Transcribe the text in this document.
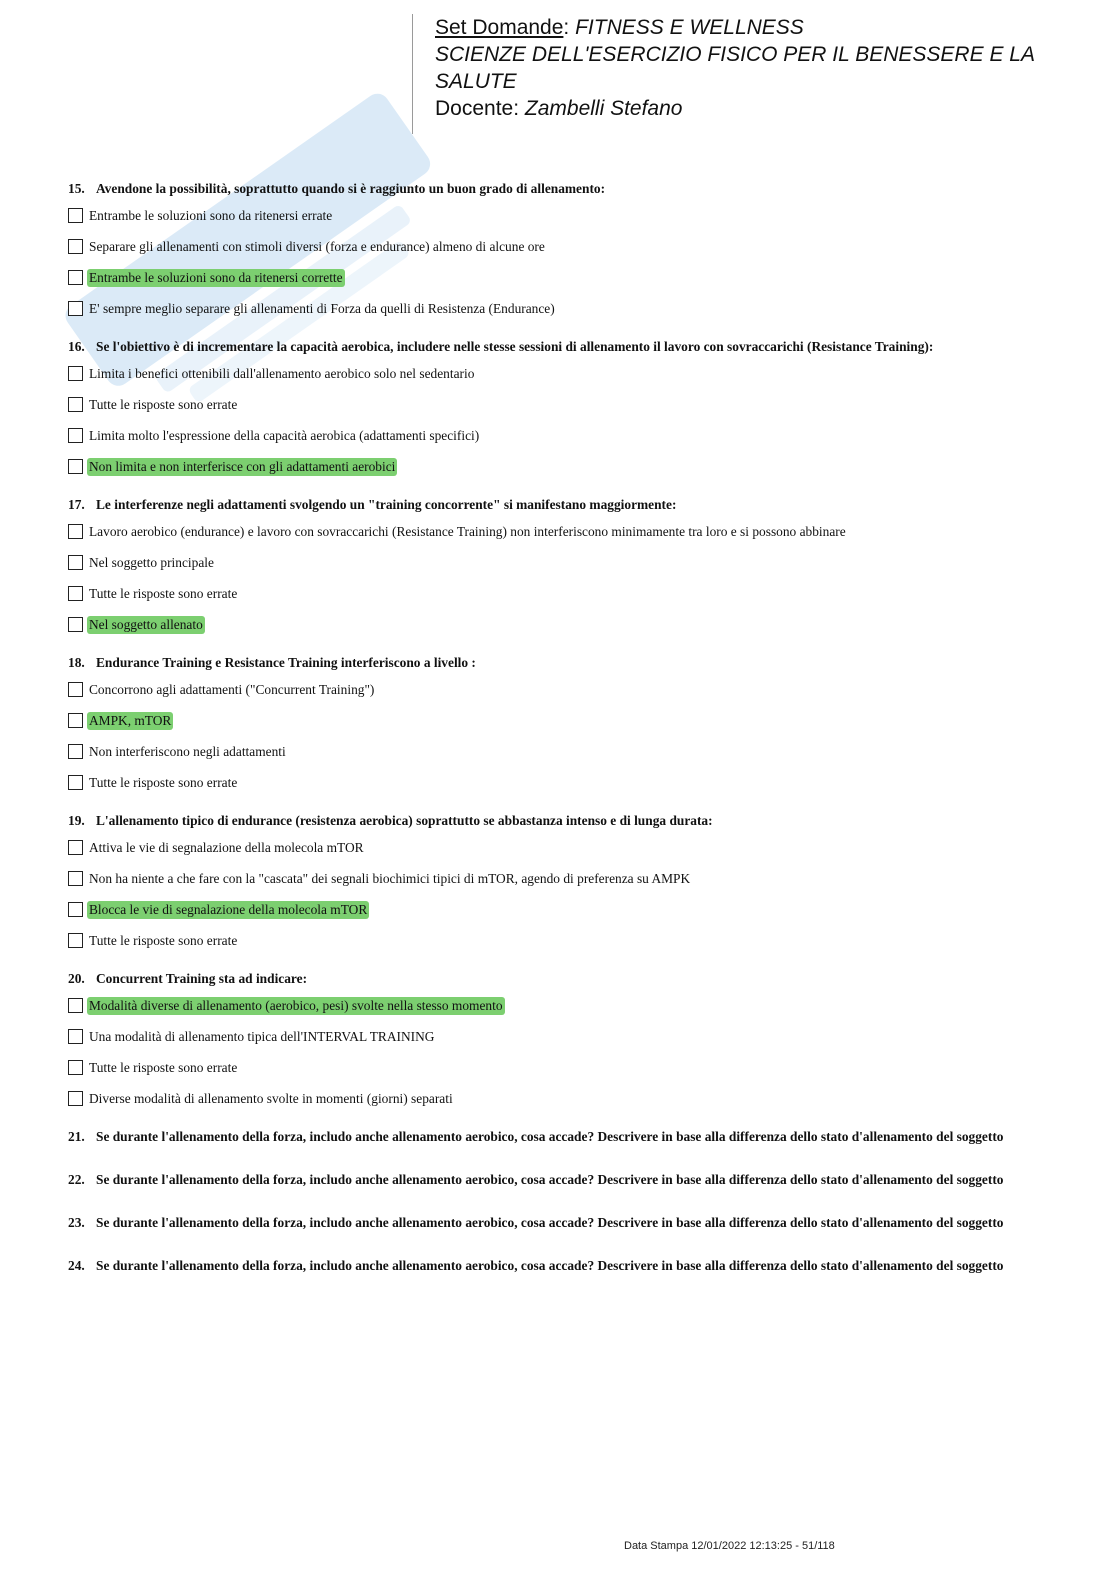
Set Domande: FITNESS E WELLNESS

SCIENZE DELL'ESERCIZIO FISICO PER IL BENESSERE E LA SALUTE

Docente: Zambelli Stefano

15. Avendone la possibilità, soprattutto quando si è raggiunto un buon grado di allenamento:
Entrambe le soluzioni sono da ritenersi errate
Separare gli allenamenti con stimoli diversi (forza e endurance) almeno di alcune ore
Entrambe le soluzioni sono da ritenersi corrette
E' sempre meglio separare gli allenamenti di Forza da quelli di Resistenza (Endurance)
16. Se l'obiettivo è di incrementare la capacità aerobica, includere nelle stesse sessioni di allenamento il lavoro con sovraccarichi (Resistance Training):
Limita i benefici ottenibili dall'allenamento aerobico solo nel sedentario
Tutte le risposte sono errate
Limita molto l'espressione della capacità aerobica (adattamenti specifici)
Non limita e non interferisce con gli adattamenti aerobici
17. Le interferenze negli adattamenti svolgendo un "training concorrente" si manifestano maggiormente:
Lavoro aerobico (endurance) e lavoro con sovraccarichi (Resistance Training) non interferiscono minimamente tra loro e si possono abbinare
Nel soggetto principale
Tutte le risposte sono errate
Nel soggetto allenato
18. Endurance Training e Resistance Training interferiscono a livello :
Concorrono agli adattamenti ("Concurrent Training")
AMPK, mTOR
Non interferiscono negli adattamenti
Tutte le risposte sono errate
19. L'allenamento tipico di endurance (resistenza aerobica) soprattutto se abbastanza intenso e di lunga durata:
Attiva le vie di segnalazione della molecola mTOR
Non ha niente a che fare con la "cascata" dei segnali biochimici tipici di mTOR, agendo di preferenza su AMPK
Blocca le vie di segnalazione della molecola mTOR
Tutte le risposte sono errate
20. Concurrent Training sta ad indicare:
Modalità diverse di allenamento (aerobico, pesi) svolte nella stesso momento
Una modalità di allenamento tipica dell'INTERVAL TRAINING
Tutte le risposte sono errate
Diverse modalità di allenamento svolte in momenti (giorni) separati
21. Se durante l'allenamento della forza, includo anche allenamento aerobico, cosa accade? Descrivere in base alla differenza dello stato d'allenamento del soggetto
22. Se durante l'allenamento della forza, includo anche allenamento aerobico, cosa accade? Descrivere in base alla differenza dello stato d'allenamento del soggetto
23. Se durante l'allenamento della forza, includo anche allenamento aerobico, cosa accade? Descrivere in base alla differenza dello stato d'allenamento del soggetto
24. Se durante l'allenamento della forza, includo anche allenamento aerobico, cosa accade? Descrivere in base alla differenza dello stato d'allenamento del soggetto
Data Stampa 12/01/2022 12:13:25 - 51/118
